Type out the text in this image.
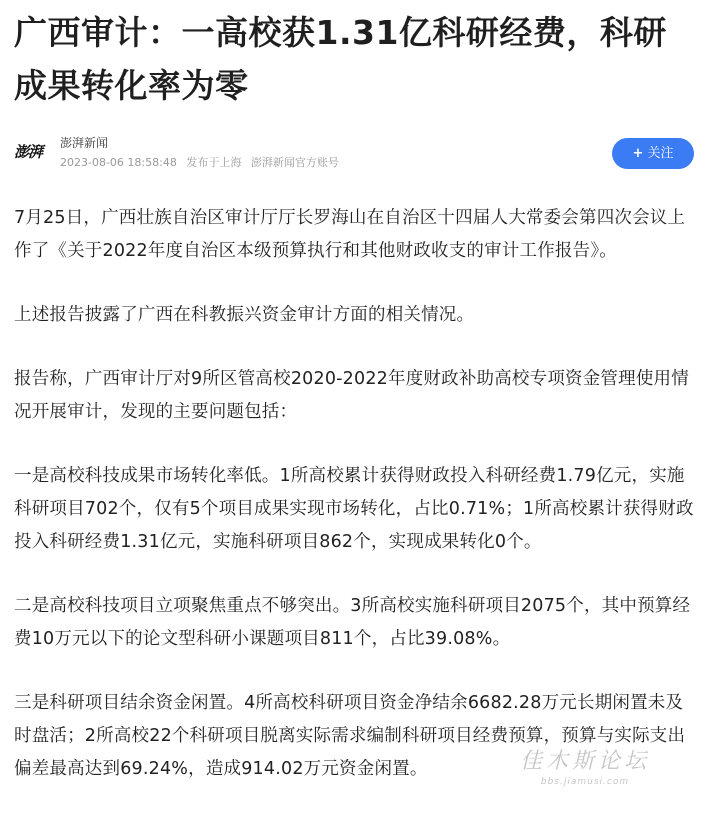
广西审计：一高校获1.31亿科研经费，科研成果转化率为零
澎湃	澎湃新闻
2023-08-06 18:58:48 发布于上海 澎湃新闻官方账号
+ 关注

7月25日，广西壮族自治区审计厅厅长罗海山在自治区十四届人大常委会第四次会议上作了《关于2022年度自治区本级预算执行和其他财政收支的审计工作报告》。

上述报告披露了广西在科教振兴资金审计方面的相关情况。

报告称，广西审计厅对9所区管高校2020-2022年度财政补助高校专项资金管理使用情况开展审计，发现的主要问题包括：

一是高校科技成果市场转化率低。1所高校累计获得财政投入科研经费1.79亿元，实施科研项目702个，仅有5个项目成果实现市场转化，占比0.71%；1所高校累计获得财政投入科研经费1.31亿元，实施科研项目862个，实现成果转化0个。

二是高校科技项目立项聚焦重点不够突出。3所高校实施科研项目2075个，其中预算经费10万元以下的论文型科研小课题项目811个，占比39.08%。

三是科研项目结余资金闲置。4所高校科研项目资金净结余6682.28万元长期闲置未及时盘活；2所高校22个科研项目脱离实际需求编制科研项目经费预算，预算与实际支出偏差最高达到69.24%，造成914.02万元资金闲置。	佳木斯论坛
bbs.jiamusi.com
